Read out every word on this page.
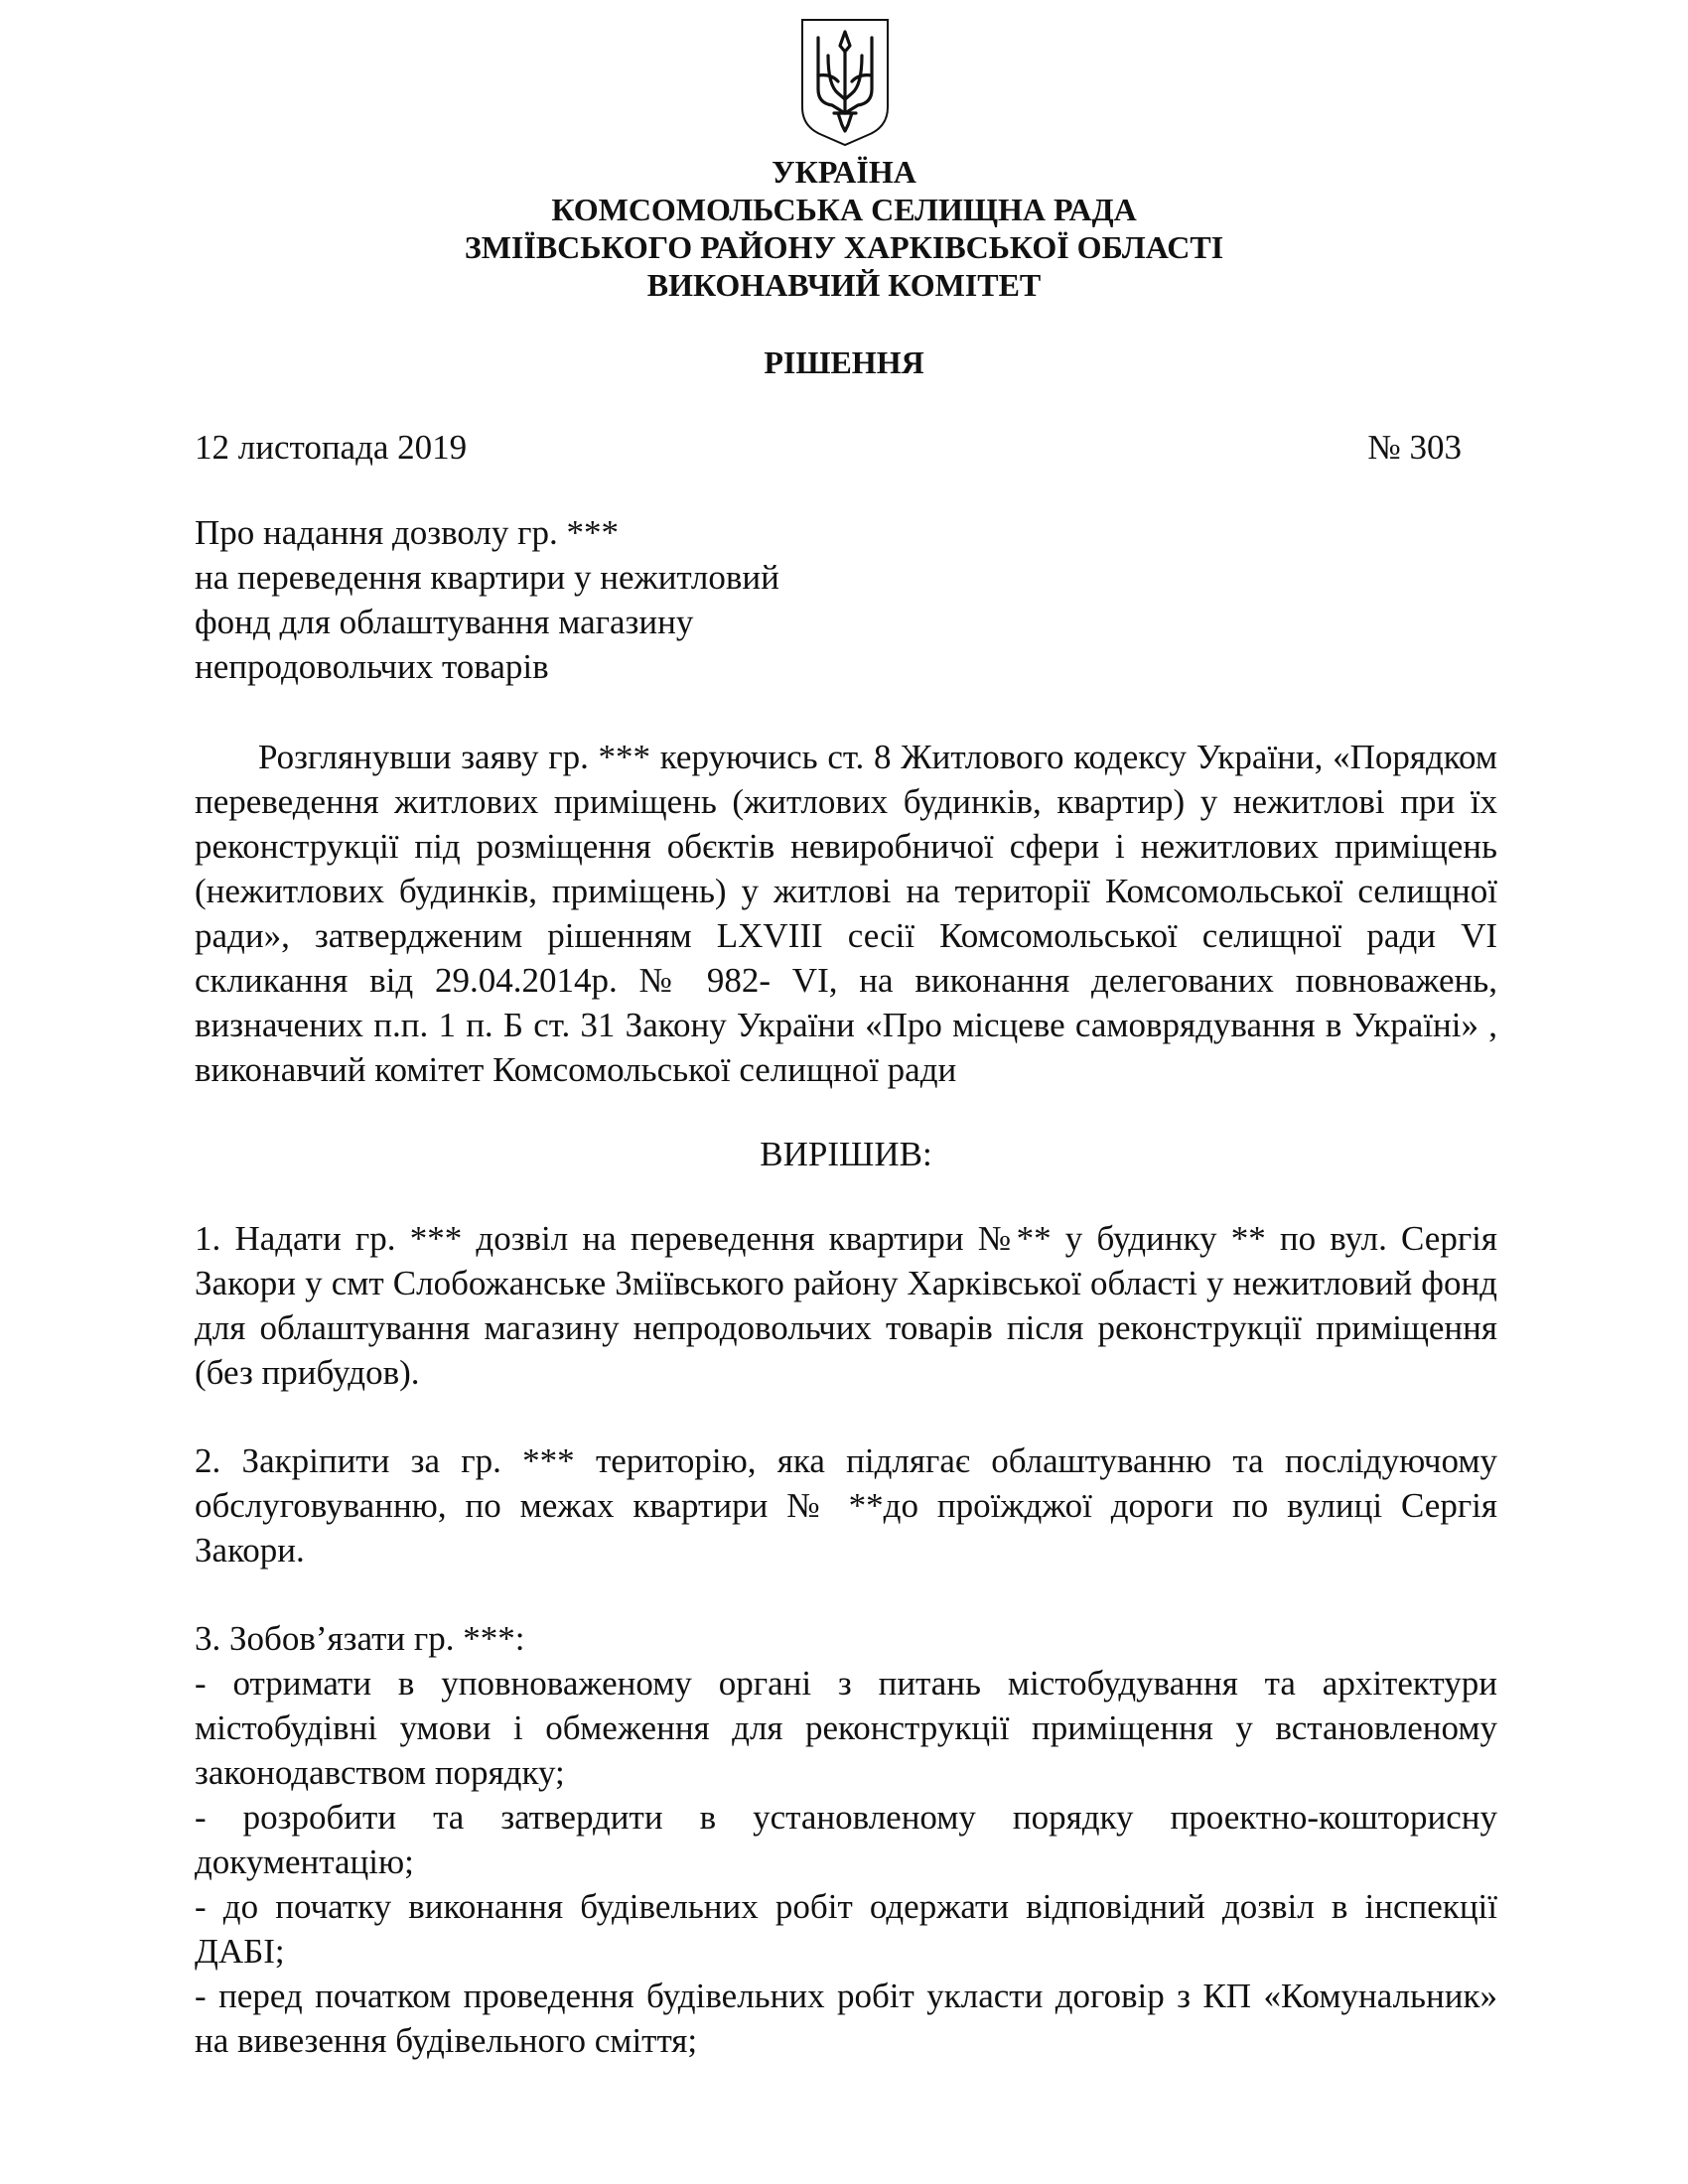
УКРАЇНА
КОМСОМОЛЬСЬКА СЕЛИЩНА РАДА
ЗМІЇВСЬКОГО РАЙОНУ ХАРКІВСЬКОЇ ОБЛАСТІ
ВИКОНАВЧИЙ КОМІТЕТ
РІШЕННЯ
12 листопада 2019	№ 303
Про надання дозволу гр. ***
на переведення квартири у нежитловий
фонд для облаштування магазину
непродовольчих товарів

Розглянувши заяву гр. *** керуючись ст. 8 Житлового кодексу України, «Порядком переведення житлових приміщень (житлових будинків, квартир) у нежитлові при їх реконструкції під розміщення обєктів невиробничої сфери і нежитлових приміщень (нежитлових будинків, приміщень) у житлові на території Комсомольської селищної ради», затвердженим рішенням LXVIII сесії Комсомольської селищної ради VI скликання від 29.04.2014р. № 982- VI, на виконання делегованих повноважень, визначених п.п. 1 п. Б ст. 31 Закону України «Про місцеве самоврядування в Україні» , виконавчий комітет Комсомольської селищної ради

ВИРІШИВ:

1. Надати гр. *** дозвіл на переведення квартири №** у будинку ** по вул. Сергія Закори у смт Слобожанське Зміївського району Харківської області у нежитловий фонд для облаштування магазину непродовольчих товарів після реконструкції приміщення (без прибудов).

2. Закріпити за гр. *** територію, яка підлягає облаштуванню та послідуючому обслуговуванню, по межах квартири № **до проїжджої дороги по вулиці Сергія Закори.

3. Зобов’язати гр. ***:

- отримати в уповноваженому органі з питань містобудування та архітектури містобудівні умови і обмеження для реконструкції приміщення у встановленому законодавством порядку;

- розробити та затвердити в установленому порядку проектно-кошторисну документацію;

- до початку виконання будівельних робіт одержати відповідний дозвіл в інспекції ДАБІ;

- перед початком проведення будівельних робіт укласти договір з КП «Комунальник» на вивезення будівельного сміття;
